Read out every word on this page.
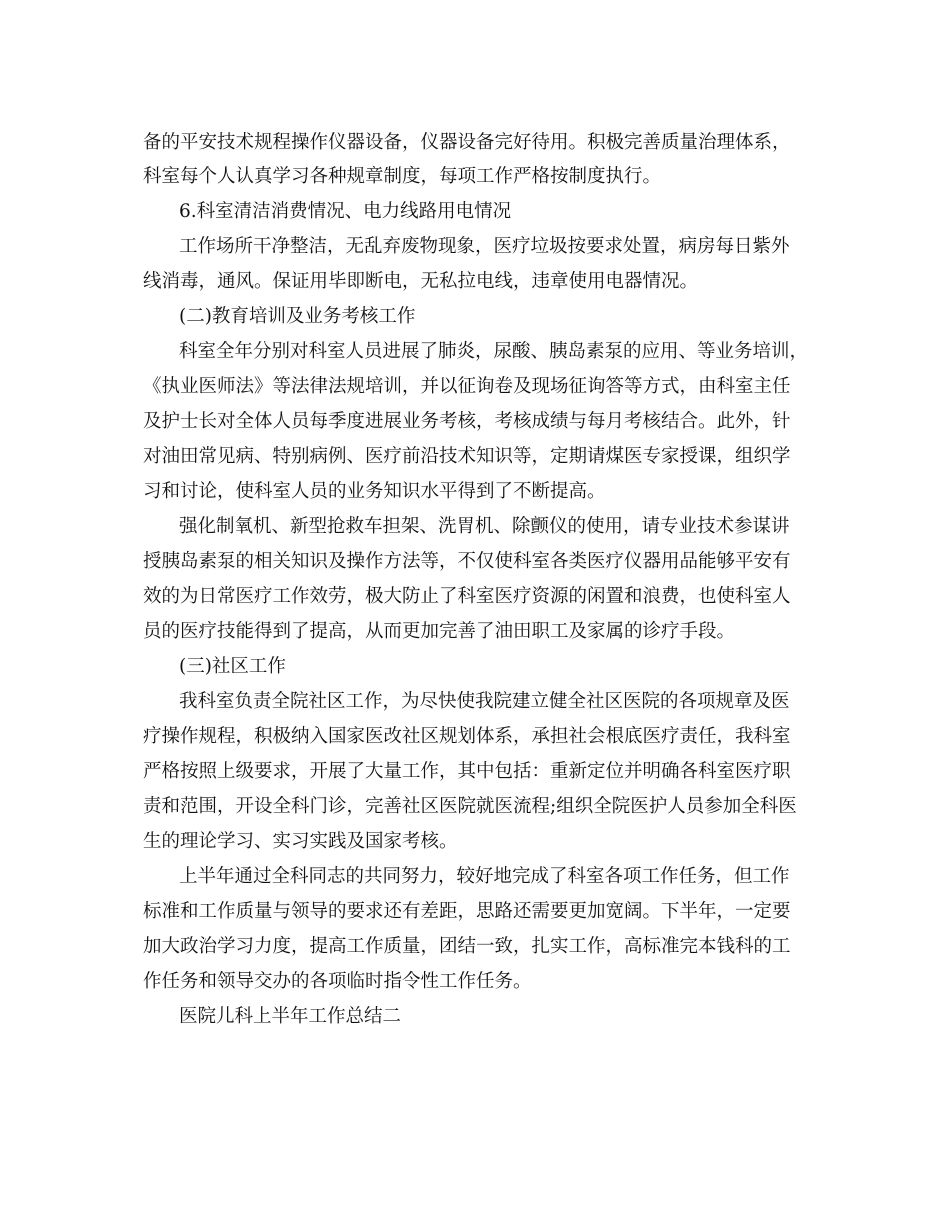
备的平安技术规程操作仪器设备，仪器设备完好待用。积极完善质量治理体系，
科室每个人认真学习各种规章制度，每项工作严格按制度执行。
6.科室清洁消费情况、电力线路用电情况
工作场所干净整洁，无乱弃废物现象，医疗垃圾按要求处置，病房每日紫外
线消毒，通风。保证用毕即断电，无私拉电线，违章使用电器情况。
(二)教育培训及业务考核工作
科室全年分别对科室人员进展了肺炎，尿酸、胰岛素泵的应用、等业务培训，
《执业医师法》等法律法规培训，并以征询卷及现场征询答等方式，由科室主任
及护士长对全体人员每季度进展业务考核，考核成绩与每月考核结合。此外，针
对油田常见病、特别病例、医疗前沿技术知识等，定期请煤医专家授课，组织学
习和讨论，使科室人员的业务知识水平得到了不断提高。
强化制氧机、新型抢救车担架、洗胃机、除颤仪的使用，请专业技术参谋讲
授胰岛素泵的相关知识及操作方法等，不仅使科室各类医疗仪器用品能够平安有
效的为日常医疗工作效劳，极大防止了科室医疗资源的闲置和浪费，也使科室人
员的医疗技能得到了提高，从而更加完善了油田职工及家属的诊疗手段。
(三)社区工作
我科室负责全院社区工作，为尽快使我院建立健全社区医院的各项规章及医
疗操作规程，积极纳入国家医改社区规划体系，承担社会根底医疗责任，我科室
严格按照上级要求，开展了大量工作，其中包括：重新定位并明确各科室医疗职
责和范围，开设全科门诊，完善社区医院就医流程;组织全院医护人员参加全科医
生的理论学习、实习实践及国家考核。
上半年通过全科同志的共同努力，较好地完成了科室各项工作任务，但工作
标准和工作质量与领导的要求还有差距，思路还需要更加宽阔。下半年，一定要
加大政治学习力度，提高工作质量，团结一致，扎实工作，高标准完本钱科的工
作任务和领导交办的各项临时指令性工作任务。
医院儿科上半年工作总结二
